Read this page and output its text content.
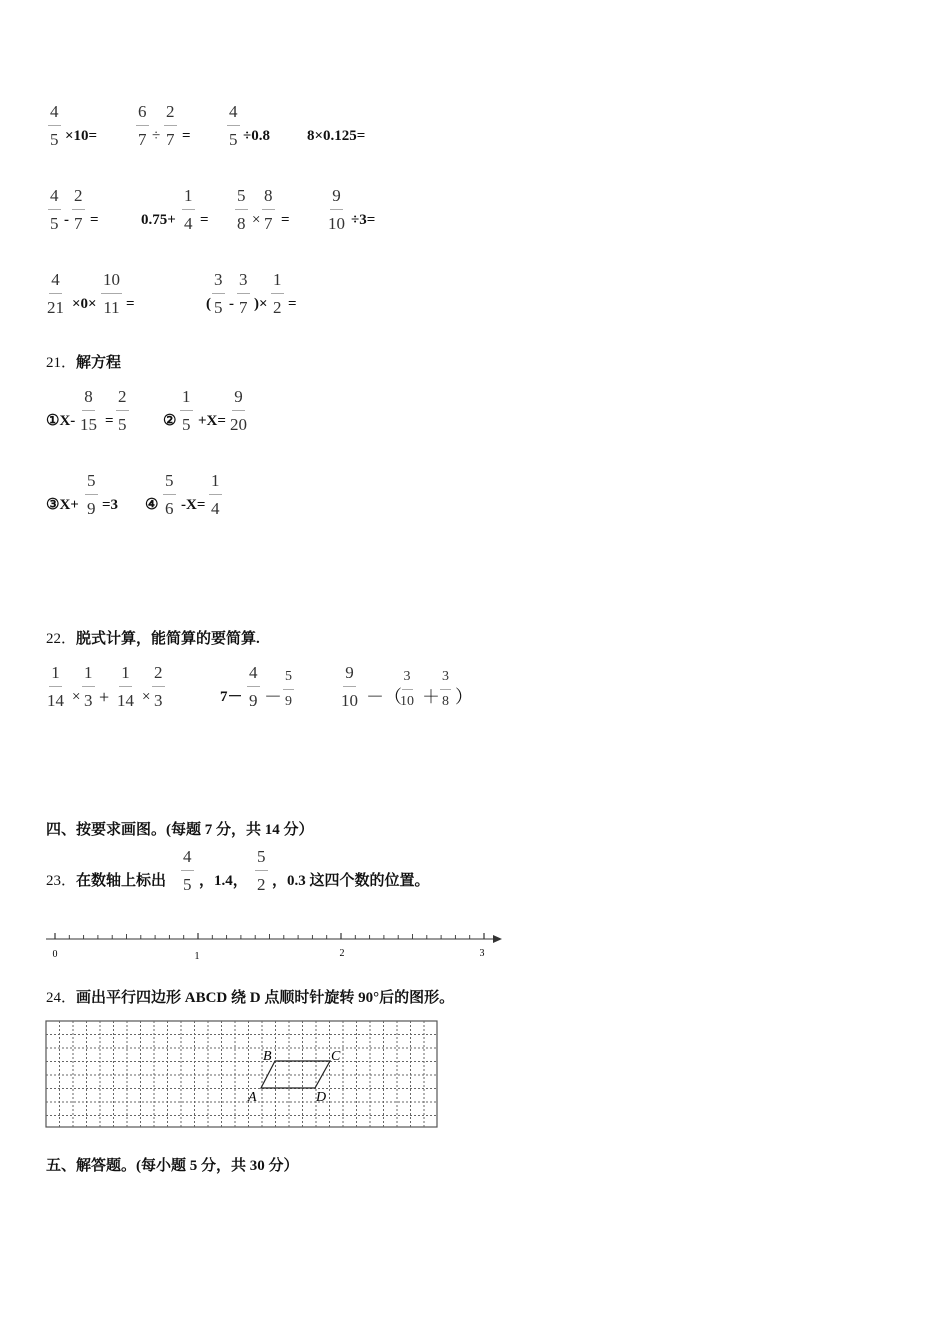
4
5 ×10=
6
7 ÷
2
7 =
4
5 ÷0.8 8×0.125=
4
5 -
2
7 =	0.75+
1
4 =
5
8 ×
8
7 =
9
10 ÷3=
4
21 ×0×
10
11 =	(
3
5 -
3
7 )×
1
2 =
21．解方程
①X-
8
15 =
2
5 ②
1
5 +X=
9
20
③X+
5
9 =3 ④
5
6 -X=
1
4
22．脱式计算，能简算的要简算.
1
14 ×
1
3 +
1
14 ×
2
3	7－
4
9 －
5
9
9
10 －（
3
10 ＋
3
8 ）
四、按要求画图。(每题 7 分，共 14 分）
23．在数轴上标出
4
5 ，1.4，
5
2 ，0.3 这四个数的位置。
0	1	2	3
24．画出平行四边形 ABCD 绕 D 点顺时针旋转 90°后的图形。
A
B	C
D
五、解答题。(每小题 5 分，共 30 分）
